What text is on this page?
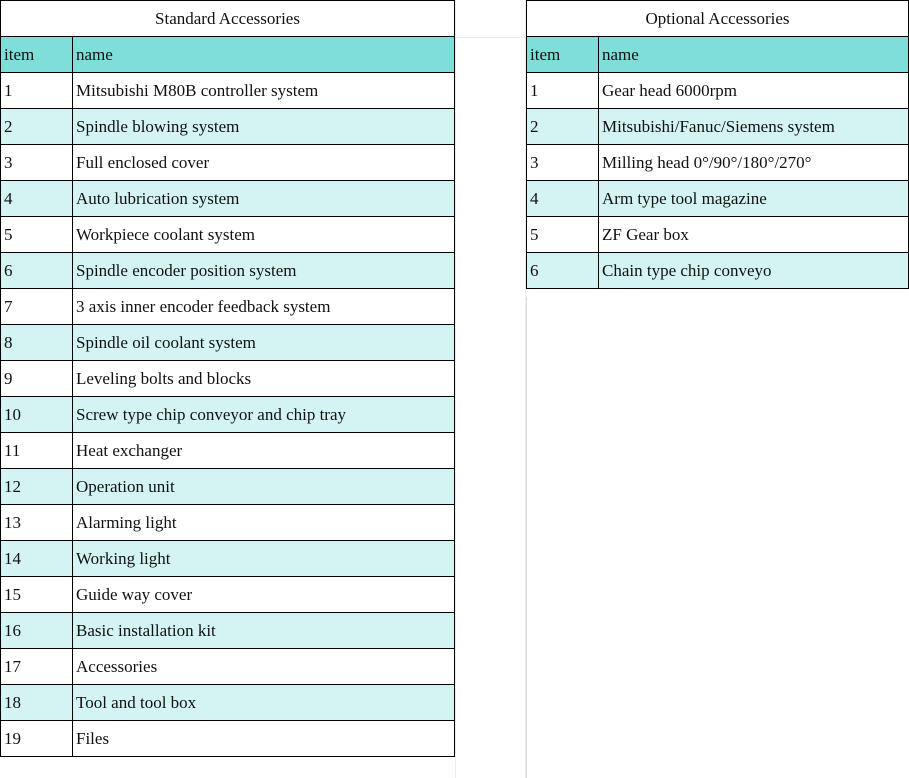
Standard Accessories	
item	name
1	Mitsubishi M80B controller system
2	Spindle blowing system
3	Full enclosed cover
4	Auto lubrication system
5	Workpiece coolant system
6	Spindle encoder position system
7	3 axis inner encoder feedback system
8	Spindle oil coolant system
9	Leveling bolts and blocks
10	Screw type chip conveyor and chip tray
11	Heat exchanger
12	Operation unit
13	Alarming light
14	Working light
15	Guide way cover
16	Basic installation kit
17	Accessories
18	Tool and tool box
19	Files
Optional Accessories	
item	name
1	Gear head 6000rpm
2	Mitsubishi/Fanuc/Siemens system
3	Milling head 0°/90°/180°/270°
4	Arm type tool magazine
5	ZF Gear box
6	Chain type chip conveyo
